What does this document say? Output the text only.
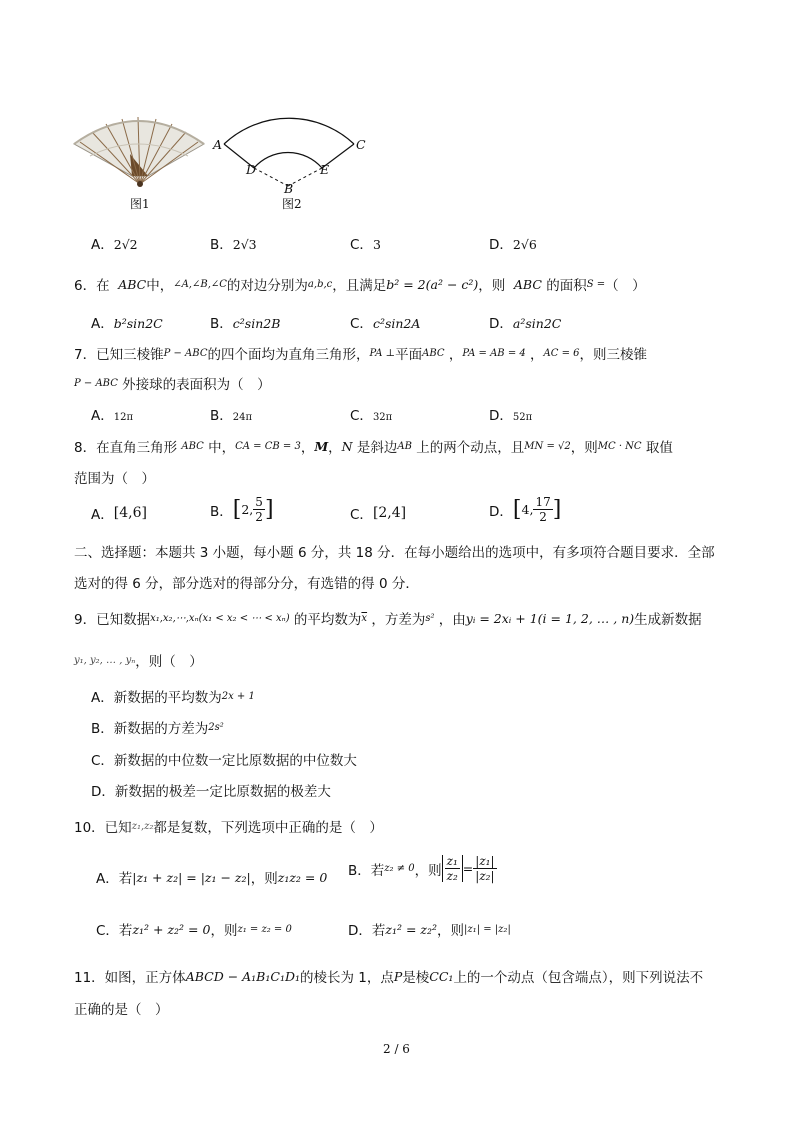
图1
A	C
D	E
B
图2
A．2√2	B．2√3	C．3	D．2√6
6．在
ABC 中， ∠A,∠B,∠C 的对边分别为 a,b,c ，且满足 b² = 2(a² − c²) ，则
ABC
的面积 S = （　）
A．b²sin2C	B．c²sin2B	C．c²sin2A	D．a²sin2C
7．已知三棱锥 P − ABC 的四个面均为直角三角形， PA ⊥ 平面 ABC
， PA = AB = 4
， AC = 6 ，则三棱锥
P − ABC
外接球的表面积为（　）
A．12π	B．24π	C．32π	D．52π
8．在直角三角形
ABC
中， CA = CB = 3 ， M ， N
是斜边 AB
上的两个动点，且 MN = √2 ，则 MC · NC
取值
范围为（　）
A． [4,6]	B． [ 2, 5
2 ]	C． [2,4]	D． [ 4, 17
2 ]
二、选择题：本题共 3 小题，每小题 6 分，共 18 分．在每小题给出的选项中，有多项符合题目要求．全部
选对的得 6 分，部分选对的得部分分，有选错的得 0 分．
9．已知数据 x₁,x₂,⋯,xₙ(x₁ < x₂ < ⋯ < xₙ)
的平均数为 $\overline{x}$
，方差为 s²
，由 yᵢ = 2xᵢ + 1(i = 1, 2, … , n) 生成新数据
y₁, y₂, … , yₙ ，则（　）
A．新数据的平均数为 2x + 1
B．新数据的方差为 2s²
C．新数据的中位数一定比原数据的中位数大
D．新数据的极差一定比原数据的极差大
10．已知 z₁,z₂ 都是复数，下列选项中正确的是（　）
A．若 |z₁ + z₂| = |z₁ − z₂| ，则 z₁z₂ = 0 B．若 z₂ ≠ 0 ，则 $\frac{\text{z₁}}{\text{z₂}} = \frac{\text{|z₁|}}{\text{|z₂|}}$
C．若 z₁² + z₂² = 0 ，则 z₁ = z₂ = 0	D．若 z₁² = z₂² ，则 |z₁| = |z₂|
11．如图，正方体 ABCD − A₁B₁C₁D₁ 的棱长为 1，点 P 是棱 CC₁ 上的一个动点（包含端点），则下列说法不
正确的是（　）
2 / 6
